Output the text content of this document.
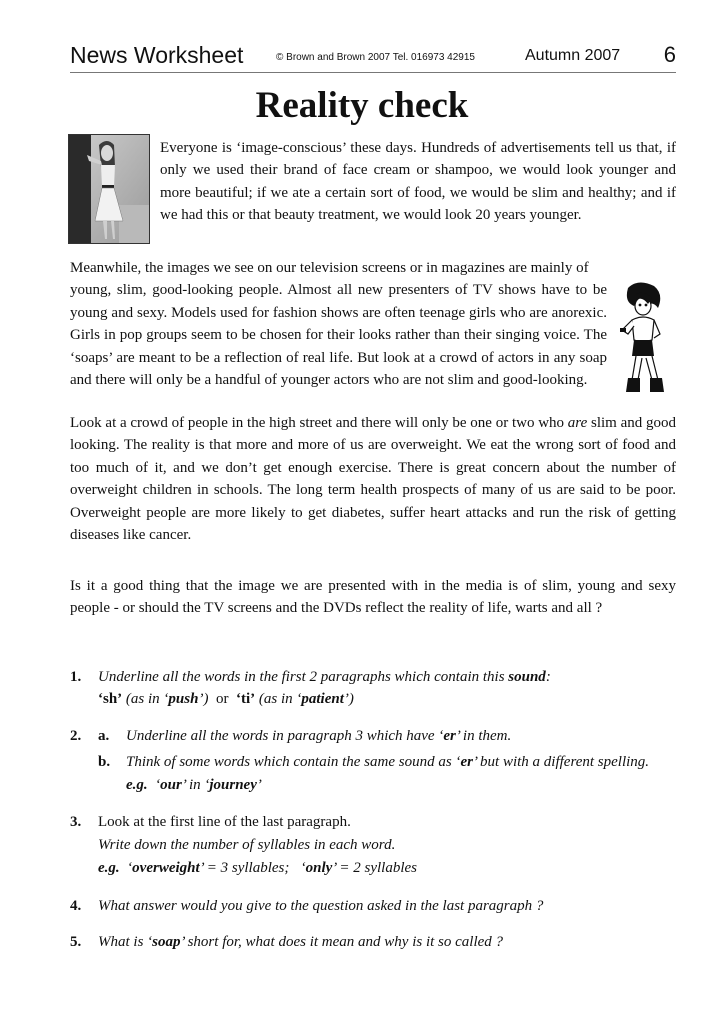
News Worksheet	© Brown and Brown 2007 Tel. 016973 42915	Autumn 2007 6
Reality check

Everyone is ‘image-conscious’ these days. Hundreds of advertisements tell us that, if only we used their brand of face cream or shampoo, we would look younger and more beautiful; if we ate a certain sort of food, we would be slim and healthy; and if we had this or that beauty treatment, we would look 20 years younger.

Meanwhile, the images we see on our television screens or in magazines are mainly of
young, slim, good-looking people. Almost all new presenters of TV shows have to be young and sexy. Models used for fashion shows are often teenage girls who are anorexic. Girls in pop groups seem to be chosen for their looks rather than their singing voice. The ‘soaps’ are meant to be a reflection of real life. But look at a crowd of actors in any soap and there will only be a handful of younger actors who are not slim and good-looking.

Look at a crowd of people in the high street and there will only be one or two who are slim and good looking. The reality is that more and more of us are overweight. We eat the wrong sort of food and too much of it, and we don’t get enough exercise. There is great concern about the number of overweight children in schools. The long term health prospects of many of us are said to be poor. Overweight people are more likely to get diabetes, suffer heart attacks and run the risk of getting diseases like cancer.

Is it a good thing that the image we are presented with in the media is of slim, young and sexy people - or should the TV screens and the DVDs reflect the reality of life, warts and all ?

1. Underline all the words in the first 2 paragraphs which contain this sound:
‘sh’ (as in ‘push’) or ‘ti’ (as in ‘patient’)
2. a. Underline all the words in paragraph 3 which have ‘er’ in them.
b. Think of some words which contain the same sound as ‘er’ but with a different spelling.
e.g. ‘our’ in ‘journey’
3. Look at the first line of the last paragraph.
Write down the number of syllables in each word.
e.g. ‘overweight’ = 3 syllables; ‘only’ = 2 syllables
4. What answer would you give to the question asked in the last paragraph ?
5. What is ‘soap’ short for, what does it mean and why is it so called ?
